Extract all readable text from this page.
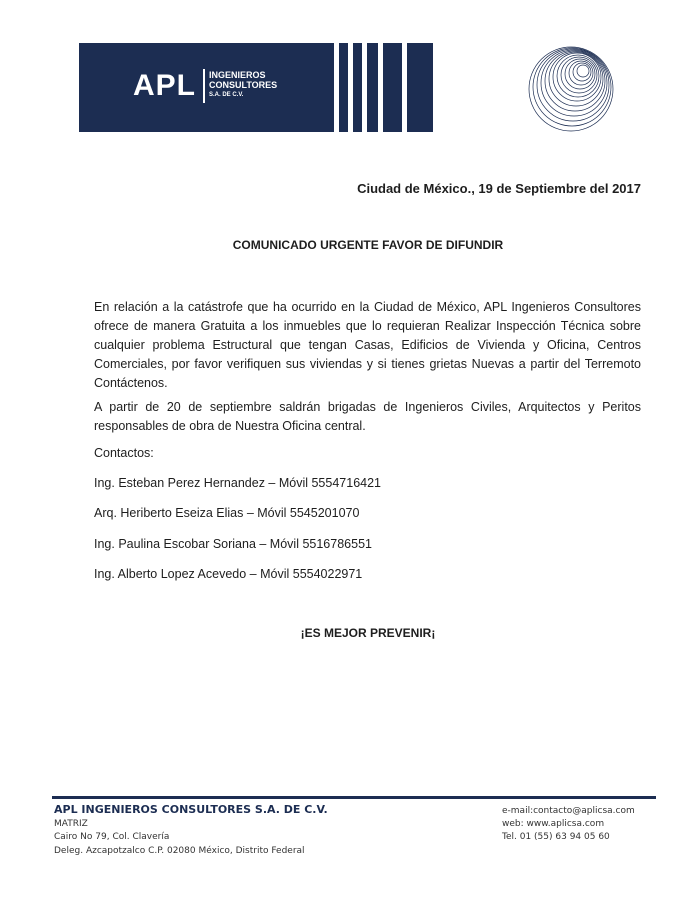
APL INGENIEROS
CONSULTORES
S.A. DE C.V.
Ciudad de México., 19 de Septiembre del 2017
COMUNICADO URGENTE FAVOR DE DIFUNDIR
En relación a la catástrofe que ha ocurrido en la Ciudad de México, APL Ingenieros Consultores ofrece de manera Gratuita a los inmuebles que lo requieran Realizar Inspección Técnica sobre cualquier problema Estructural que tengan Casas, Edificios de Vivienda y Oficina, Centros Comerciales, por favor verifiquen sus viviendas y si tienes grietas Nuevas a partir del Terremoto Contáctenos.
A partir de 20 de septiembre saldrán brigadas de Ingenieros Civiles, Arquitectos y Peritos responsables de obra de Nuestra Oficina central.
Contactos:
Ing. Esteban Perez Hernandez – Móvil 5554716421
Arq. Heriberto Eseiza Elias – Móvil 5545201070
Ing. Paulina Escobar Soriana – Móvil 5516786551
Ing. Alberto Lopez Acevedo – Móvil 5554022971
¡ES MEJOR PREVENIR¡
APL INGENIEROS CONSULTORES S.A. DE C.V.
MATRIZ
Cairo No 79, Col. Clavería
Deleg. Azcapotzalco C.P. 02080 México, Distrito Federal
e-mail:contacto@aplicsa.com
web: www.aplicsa.com
Tel. 01 (55) 63 94 05 60
